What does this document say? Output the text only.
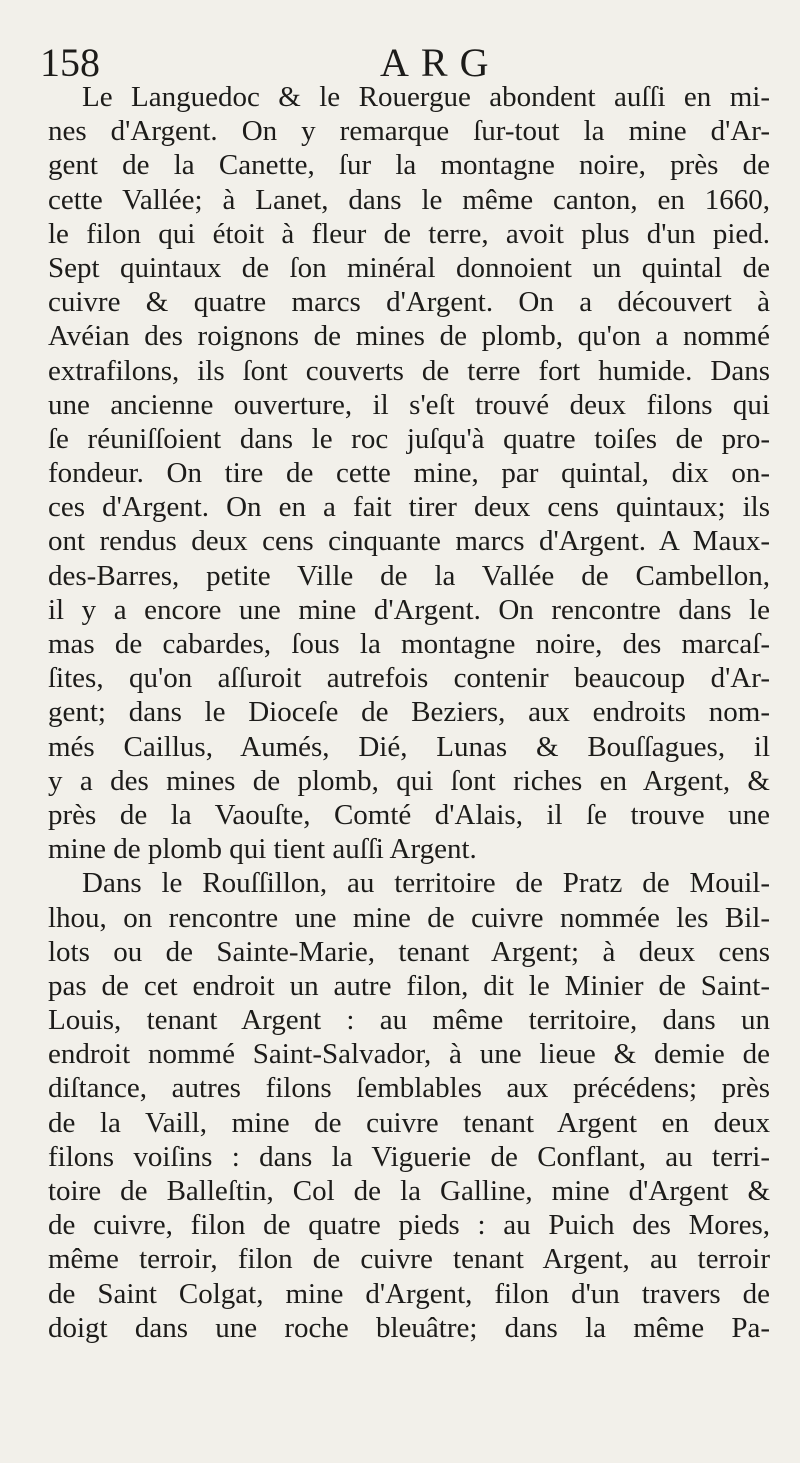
158	ARG
Le Languedoc & le Rouergue abondent auſſi en mi-
nes d'Argent. On y remarque ſur-tout la mine d'Ar-
gent de la Canette, ſur la montagne noire, près de
cette Vallée; à Lanet, dans le même canton, en 1660,
le filon qui étoit à fleur de terre, avoit plus d'un pied.
Sept quintaux de ſon minéral donnoient un quintal de
cuivre & quatre marcs d'Argent. On a découvert à
Avéian des roignons de mines de plomb, qu'on a nommé
extrafilons, ils ſont couverts de terre fort humide. Dans
une ancienne ouverture, il s'eſt trouvé deux filons qui
ſe réuniſſoient dans le roc juſqu'à quatre toiſes de pro-
fondeur. On tire de cette mine, par quintal, dix on-
ces d'Argent. On en a fait tirer deux cens quintaux; ils
ont rendus deux cens cinquante marcs d'Argent. A Maux-
des-Barres, petite Ville de la Vallée de Cambellon,
il y a encore une mine d'Argent. On rencontre dans le
mas de cabardes, ſous la montagne noire, des marcaſ-
ſites, qu'on aſſuroit autrefois contenir beaucoup d'Ar-
gent; dans le Dioceſe de Beziers, aux endroits nom-
més Caillus, Aumés, Dié, Lunas & Bouſſagues, il
y a des mines de plomb, qui ſont riches en Argent, &
près de la Vaouſte, Comté d'Alais, il ſe trouve une
mine de plomb qui tient auſſi Argent.
Dans le Rouſſillon, au territoire de Pratz de Mouil-
lhou, on rencontre une mine de cuivre nommée les Bil-
lots ou de Sainte-Marie, tenant Argent; à deux cens
pas de cet endroit un autre filon, dit le Minier de Saint-
Louis, tenant Argent : au même territoire, dans un
endroit nommé Saint-Salvador, à une lieue & demie de
diſtance, autres filons ſemblables aux précédens; près
de la Vaill, mine de cuivre tenant Argent en deux
filons voiſins : dans la Viguerie de Conflant, au terri-
toire de Balleſtin, Col de la Galline, mine d'Argent &
de cuivre, filon de quatre pieds : au Puich des Mores,
même terroir, filon de cuivre tenant Argent, au terroir
de Saint Colgat, mine d'Argent, filon d'un travers de
doigt dans une roche bleuâtre; dans la même Pa-
